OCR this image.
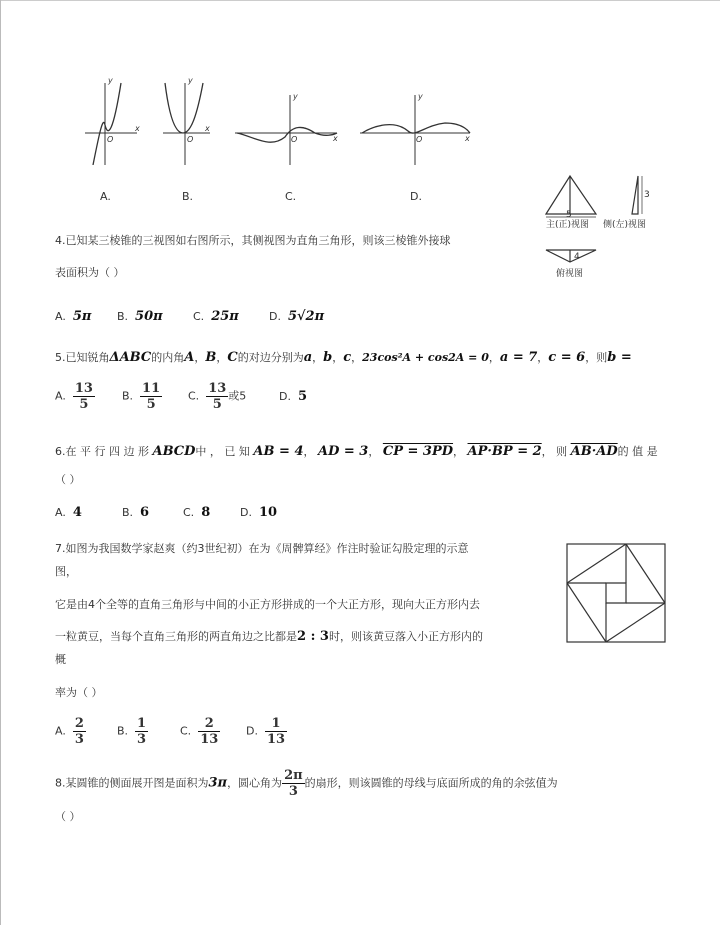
y
x
O
y
x
O
y
x
O
y
x
O
A.	B.	C.	D.
主(正)视图 侧(左)视图
俯视图
5
3
4
4.已知某三棱锥的三视图如右图所示，其侧视图为直角三角形，则该三棱锥外接球
表面积为（ ）
A. 5π B. 50π	C. 25π	D. 5√2π
5.已知锐角ΔABC的内角A，B，C的对边分别为a，b，c，23cos²A + cos2A = 0，a = 7，c = 6，则b =
A. $\frac{13}{5} B$. $\frac{11}{5} C$. $\frac{13}{5}$ 或5	D. 5
6.在 平 行 四 边 形 ABCD中 ， 已 知 AB = 4， AD = 3， CP = 3PD， AP·BP = 2， 则 AB·AD的 值 是
（ ）
A. 4	B. 6	C. 8	D. 10
7.如图为我国数学家赵爽（约3世纪初）在为《周髀算经》作注时验证勾股定理的示意
图，
它是由4个全等的直角三角形与中间的小正方形拼成的一个大正方形，现向大正方形内去
一粒黄豆，当每个直角三角形的两直角边之比都是2 : 3时，则该黄豆落入小正方形内的
概
率为（ ）
A. $\frac{2}{3}$	B. $\frac{1}{3}$	C. $\frac{2}{13} D$. $\frac{1}{13}$
8.某圆锥的侧面展开图是面积为3π，圆心角为 $\frac{2\pi}{3}$ 的扇形，则该圆锥的母线与底面所成的角的余弦值为
（ ）
